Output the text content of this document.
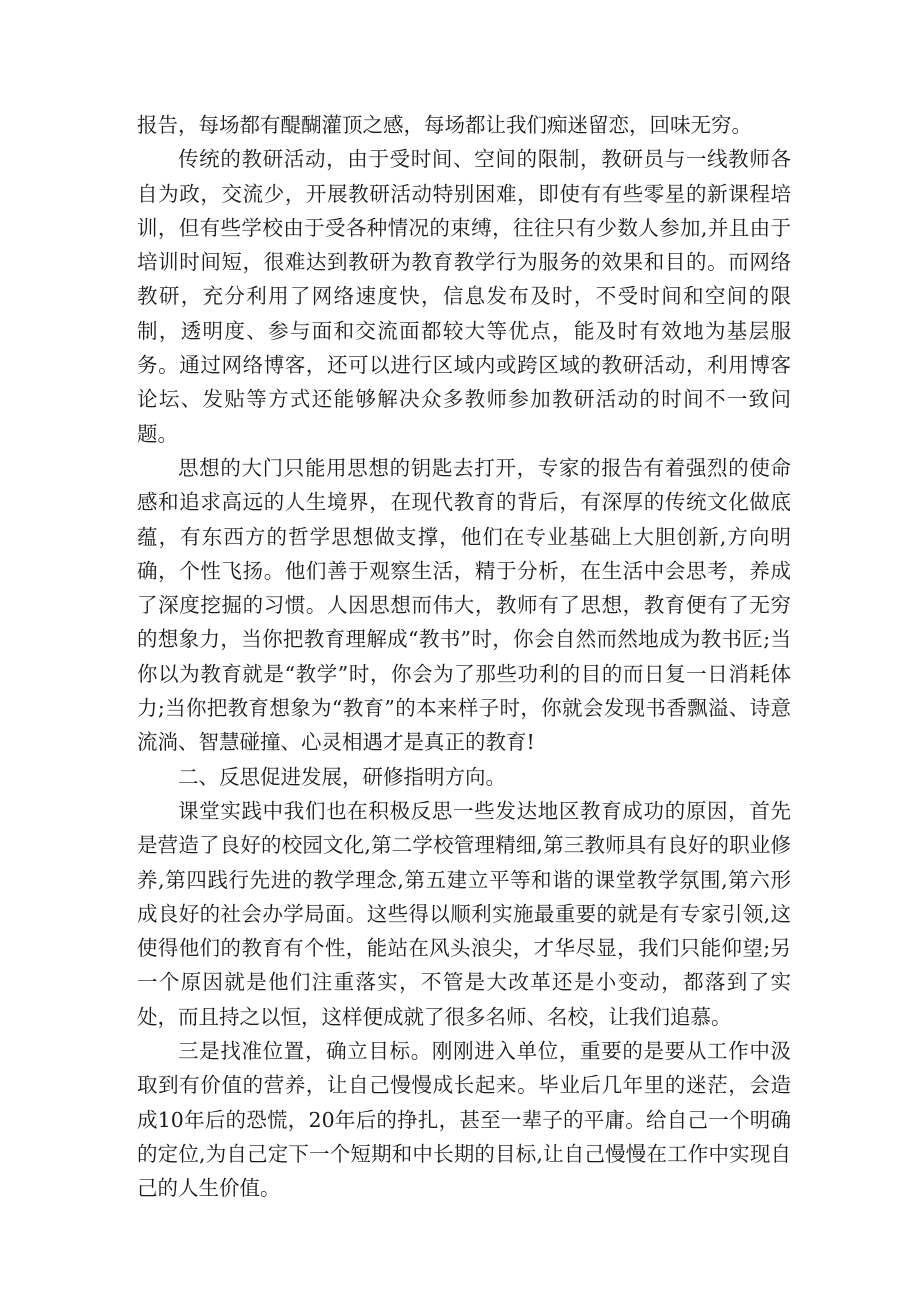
报告，每场都有醍醐灌顶之感，每场都让我们痴迷留恋，回味无穷。

传统的教研活动，由于受时间、空间的限制，教研员与一线教师各自为政，交流少，开展教研活动特别困难，即使有有些零星的新课程培训，但有些学校由于受各种情况的束缚，往往只有少数人参加,并且由于培训时间短，很难达到教研为教育教学行为服务的效果和目的。而网络教研，充分利用了网络速度快，信息发布及时，不受时间和空间的限制，透明度、参与面和交流面都较大等优点，能及时有效地为基层服务。通过网络博客，还可以进行区域内或跨区域的教研活动，利用博客论坛、发贴等方式还能够解决众多教师参加教研活动的时间不一致问题。

思想的大门只能用思想的钥匙去打开，专家的报告有着强烈的使命感和追求高远的人生境界，在现代教育的背后，有深厚的传统文化做底蕴，有东西方的哲学思想做支撑，他们在专业基础上大胆创新,方向明确，个性飞扬。他们善于观察生活，精于分析，在生活中会思考，养成了深度挖掘的习惯。人因思想而伟大，教师有了思想，教育便有了无穷的想象力，当你把教育理解成“教书”时，你会自然而然地成为教书匠;当你以为教育就是“教学”时，你会为了那些功利的目的而日复一日消耗体力;当你把教育想象为“教育”的本来样子时，你就会发现书香飘溢、诗意流淌、智慧碰撞、心灵相遇才是真正的教育!

二、反思促进发展，研修指明方向。

课堂实践中我们也在积极反思一些发达地区教育成功的原因，首先是营造了良好的校园文化,第二学校管理精细,第三教师具有良好的职业修养,第四践行先进的教学理念,第五建立平等和谐的课堂教学氛围,第六形成良好的社会办学局面。这些得以顺利实施最重要的就是有专家引领,这使得他们的教育有个性，能站在风头浪尖，才华尽显，我们只能仰望;另一个原因就是他们注重落实，不管是大改革还是小变动，都落到了实处，而且持之以恒，这样便成就了很多名师、名校，让我们追慕。

三是找准位置，确立目标。刚刚进入单位，重要的是要从工作中汲取到有价值的营养，让自己慢慢成长起来。毕业后几年里的迷茫，会造成10年后的恐慌，20年后的挣扎，甚至一辈子的平庸。给自己一个明确的定位,为自己定下一个短期和中长期的目标,让自己慢慢在工作中实现自己的人生价值。
